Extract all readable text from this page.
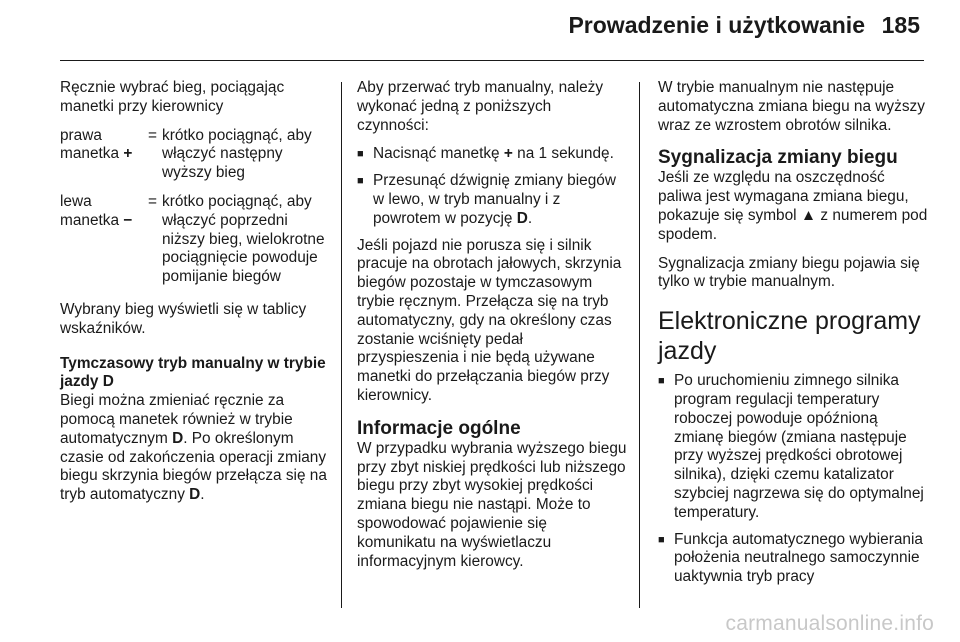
Prowadzenie i użytkowanie 185

Ręcznie wybrać bieg, pociągając manetki przy kierownicy

prawa manetka +
= krótko pociągnąć, aby włączyć następny wyższy bieg
lewa manetka −
= krótko pociągnąć, aby włączyć poprzedni niższy bieg, wielokrotne pociągnięcie powoduje pomijanie biegów

Wybrany bieg wyświetli się w tablicy wskaźników.

Tymczasowy tryb manualny w trybie jazdy D

Biegi można zmieniać ręcznie za pomocą manetek również w trybie automatycznym D. Po określonym czasie od zakończenia operacji zmiany biegu skrzynia biegów przełącza się na tryb automatyczny D.

Aby przerwać tryb manualny, należy wykonać jedną z poniższych czynności:

■ Nacisnąć manetkę + na 1 sekundę.
■ Przesunąć dźwignię zmiany biegów w lewo, w tryb manualny i z powrotem w pozycję D.

Jeśli pojazd nie porusza się i silnik pracuje na obrotach jałowych, skrzynia biegów pozostaje w tymczasowym trybie ręcznym. Przełącza się na tryb automatyczny, gdy na określony czas zostanie wciśnięty pedał przyspieszenia i nie będą używane manetki do przełączania biegów przy kierownicy.

Informacje ogólne

W przypadku wybrania wyższego biegu przy zbyt niskiej prędkości lub niższego biegu przy zbyt wysokiej prędkości zmiana biegu nie nastąpi. Może to spowodować pojawienie się komunikatu na wyświetlaczu informacyjnym kierowcy.

W trybie manualnym nie następuje automatyczna zmiana biegu na wyższy wraz ze wzrostem obrotów silnika.

Sygnalizacja zmiany biegu

Jeśli ze względu na oszczędność paliwa jest wymagana zmiana biegu, pokazuje się symbol ▲ z numerem pod spodem.

Sygnalizacja zmiany biegu pojawia się tylko w trybie manualnym.

Elektroniczne programy jazdy
■ Po uruchomieniu zimnego silnika program regulacji temperatury roboczej powoduje opóźnioną zmianę biegów (zmiana następuje przy wyższej prędkości obrotowej silnika), dzięki czemu katalizator szybciej nagrzewa się do optymalnej temperatury.
■ Funkcja automatycznego wybierania położenia neutralnego samoczynnie uaktywnia tryb pracy
carmanualsonline.info
